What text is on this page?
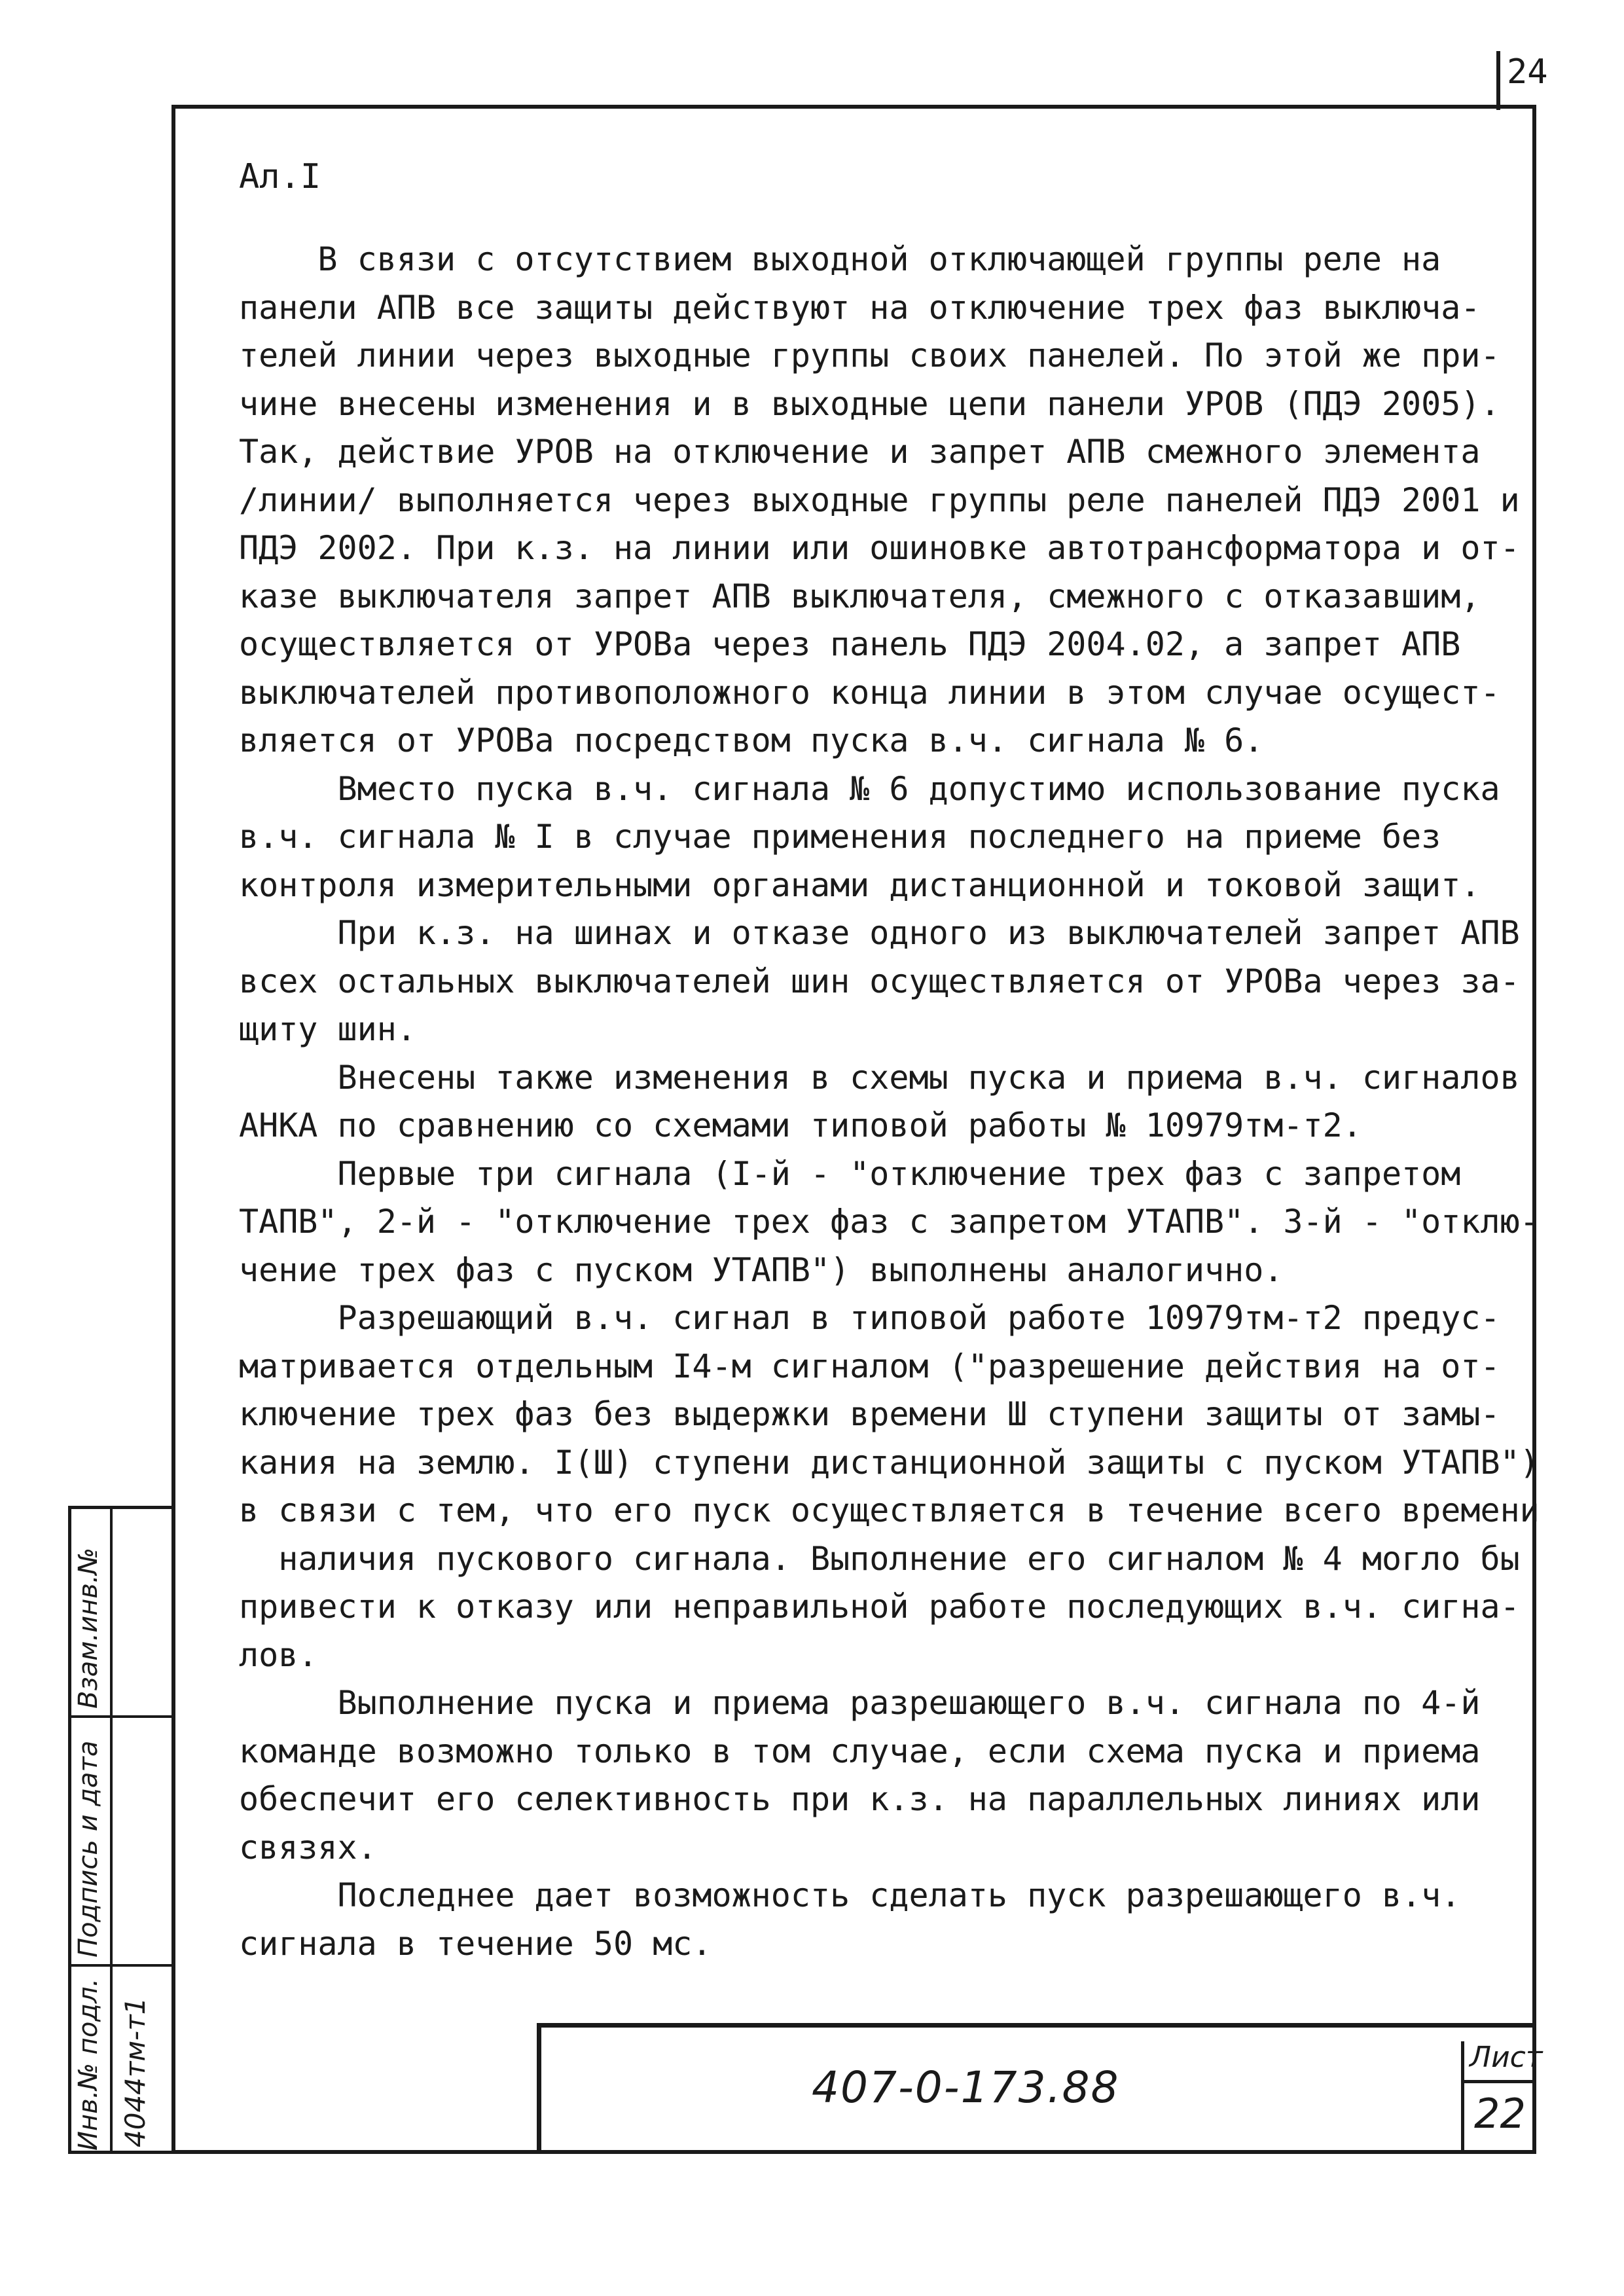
24
Ал.I
В связи с отсутствием выходной отключающей группы реле на
панели АПВ все защиты действуют на отключение трех фаз выключа-
телей линии через выходные группы своих панелей. По этой же при-
чине внесены изменения и в выходные цепи панели УРОВ (ПДЭ 2005).
Так, действие УРОВ на отключение и запрет АПВ смежного элемента
/линии/ выполняется через выходные группы реле панелей ПДЭ 2001 и
ПДЭ 2002. При к.з. на линии или ошиновке автотрансформатора и от-
казе выключателя запрет АПВ выключателя, смежного с отказавшим,
осуществляется от УРОВа через панель ПДЭ 2004.02, а запрет АПВ
выключателей противоположного конца линии в этом случае осущест-
вляется от УРОВа посредством пуска в.ч. сигнала № 6.
Вместо пуска в.ч. сигнала № 6 допустимо использование пуска
в.ч. сигнала № I в случае применения последнего на приеме без
контроля измерительными органами дистанционной и токовой защит.
При к.з. на шинах и отказе одного из выключателей запрет АПВ
всех остальных выключателей шин осуществляется от УРОВа через за-
щиту шин.
Внесены также изменения в схемы пуска и приема в.ч. сигналов
АНКА по сравнению со схемами типовой работы № 10979тм-т2.
Первые три сигнала (I-й - "отключение трех фаз с запретом
ТАПВ", 2-й - "отключение трех фаз с запретом УТАПВ". 3-й - "отклю-
чение трех фаз с пуском УТАПВ") выполнены аналогично.
Разрешающий в.ч. сигнал в типовой работе 10979тм-т2 предус-
матривается отдельным I4-м сигналом ("разрешение действия на от-
ключение трех фаз без выдержки времени Ш ступени защиты от замы-
кания на землю. I(Ш) ступени дистанционной защиты с пуском УТАПВ")
в связи с тем, что его пуск осуществляется в течение всего времени
наличия пускового сигнала. Выполнение его сигналом № 4 могло бы
привести к отказу или неправильной работе последующих в.ч. сигна-
лов.
Выполнение пуска и приема разрешающего в.ч. сигнала по 4-й
команде возможно только в том случае, если схема пуска и приема
обеспечит его селективность при к.з. на параллельных линиях или
связях.
Последнее дает возможность сделать пуск разрешающего в.ч.
сигнала в течение 50 мс.
407-0-173.88
Лист
22
Инв.№ подл.
Подпись и дата
Взам.инв.№
4044тм-т1
